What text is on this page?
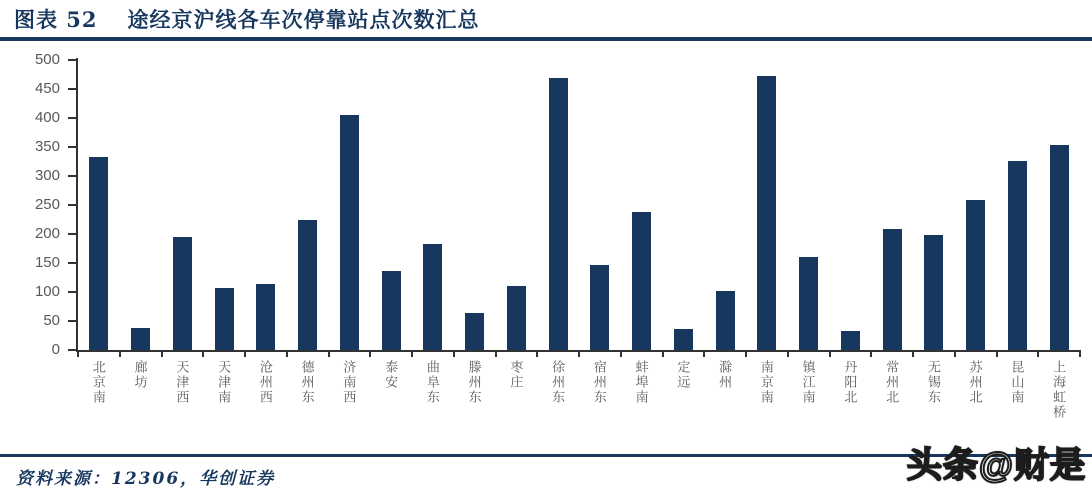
图表 52 途经京沪线各车次停靠站点次数汇总
0
50
100
150
200
250
300
350
400
450
500
北京南 廊坊 天津西 天津南 沧州西 德州东 济南西 泰安 曲阜东 滕州东 枣庄 徐州东 宿州东 蚌埠南 定远 滁州 南京南 镇江南 丹阳北 常州北 无锡东 苏州北 昆山南 上海虹桥
资料来源：12306，华创证券	头条@财是
